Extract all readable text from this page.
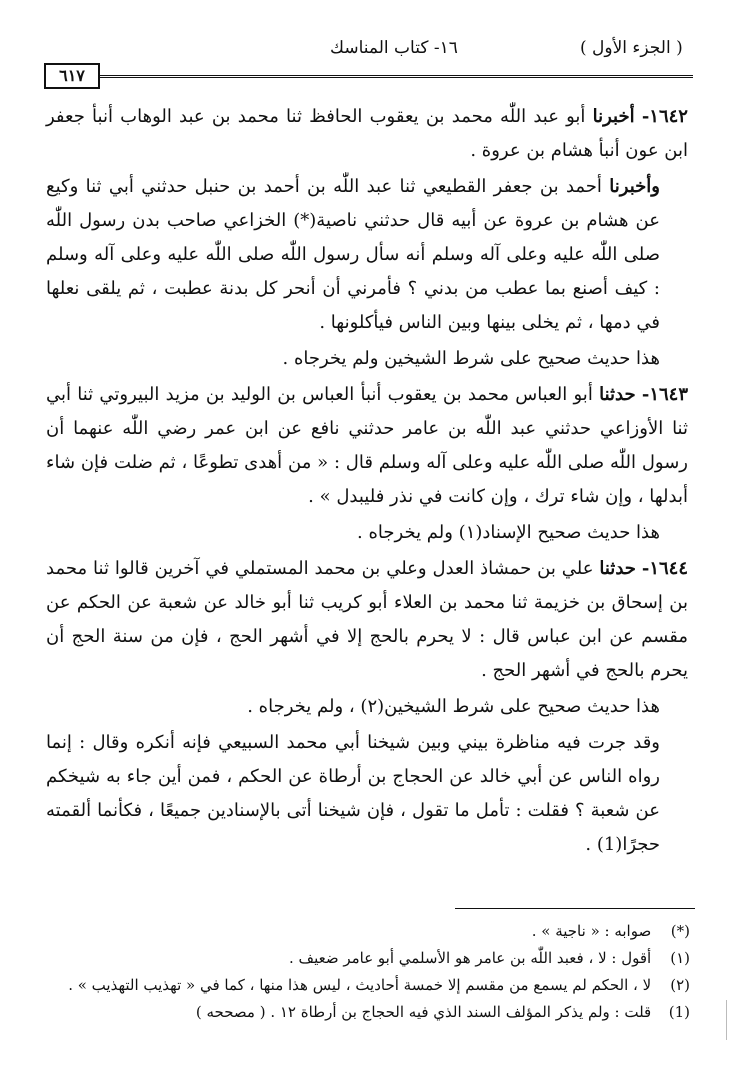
( الجزء الأول )
١٦- كتاب المناسك
٦١٧

١٦٤٢- أخبرنا أبو عبد اللّٰه محمد بن يعقوب الحافظ ثنا محمد بن عبد الوهاب أنبأ جعفر ابن عون أنبأ هشام بن عروة .

وأخبرنا أحمد بن جعفر القطيعي ثنا عبد اللّٰه بن أحمد بن حنبل حدثني أبي ثنا وكيع عن هشام بن عروة عن أبيه قال حدثني ناصية(*) الخزاعي صاحب بدن رسول اللّٰه صلى اللّٰه عليه وعلى آله وسلم أنه سأل رسول اللّٰه صلى اللّٰه عليه وعلى آله وسلم : كيف أصنع بما عطب من بدني ؟ فأمرني أن أنحر كل بدنة عطبت ، ثم يلقى نعلها في دمها ، ثم يخلى بينها وبين الناس فيأكلونها .

هذا حديث صحيح على شرط الشيخين ولم يخرجاه .

١٦٤٣- حدثنا أبو العباس محمد بن يعقوب أنبأ العباس بن الوليد بن مزيد البيروتي ثنا أبي ثنا الأوزاعي حدثني عبد اللّٰه بن عامر حدثني نافع عن ابن عمر رضي اللّٰه عنهما أن رسول اللّٰه صلى اللّٰه عليه وعلى آله وسلم قال : « من أهدى تطوعًا ، ثم ضلت فإن شاء أبدلها ، وإن شاء ترك ، وإن كانت في نذر فليبدل » .

هذا حديث صحيح الإسناد(١) ولم يخرجاه .

١٦٤٤- حدثنا علي بن حمشاذ العدل وعلي بن محمد المستملي في آخرين قالوا ثنا محمد بن إسحاق بن خزيمة ثنا محمد بن العلاء أبو كريب ثنا أبو خالد عن شعبة عن الحكم عن مقسم عن ابن عباس قال : لا يحرم بالحج إلا في أشهر الحج ، فإن من سنة الحج أن يحرم بالحج في أشهر الحج .

هذا حديث صحيح على شرط الشيخين(٢) ، ولم يخرجاه .

وقد جرت فيه مناظرة بيني وبين شيخنا أبي محمد السبيعي فإنه أنكره وقال : إنما رواه الناس عن أبي خالد عن الحجاج بن أرطاة عن الحكم ، فمن أين جاء به شيخكم عن شعبة ؟ فقلت : تأمل ما تقول ، فإن شيخنا أتى بالإسنادين جميعًا ، فكأنما ألقمته حجرًا(1) .

(*) صوابه : « ناجية » .

(١) أقول : لا ، فعبد اللّٰه بن عامر هو الأسلمي أبو عامر ضعيف .

(٢) لا ، الحكم لم يسمع من مقسم إلا خمسة أحاديث ، ليس هذا منها ، كما في « تهذيب التهذيب » .

(1) قلت : ولم يذكر المؤلف السند الذي فيه الحجاج بن أرطاة ١٢ . ( مصححه )
